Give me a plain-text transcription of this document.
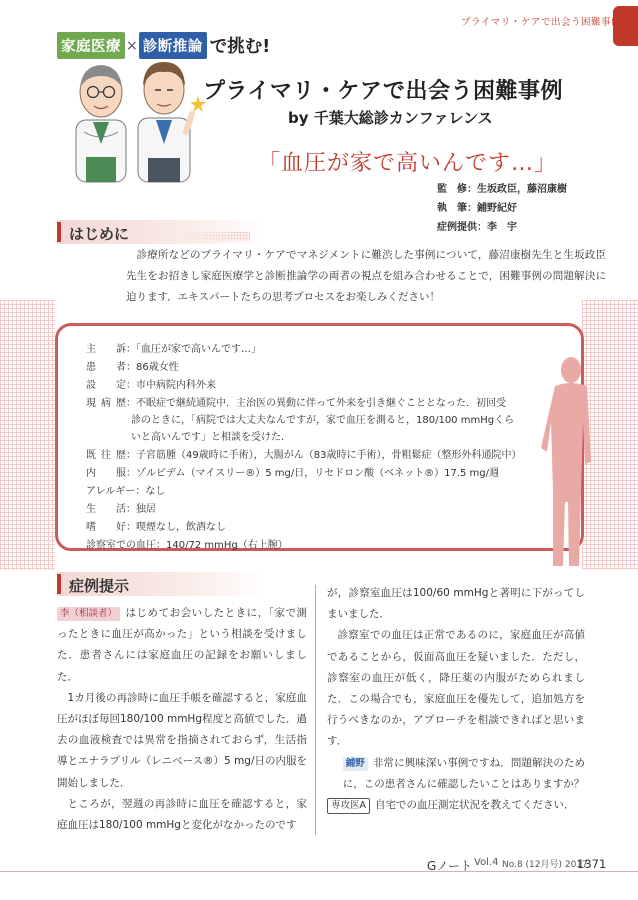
プライマリ・ケアで出会う困難事例
家庭医療 × 診断推論 で挑む!
プライマリ・ケアで出会う困難事例
by 千葉大総診カンファレンス
「血圧が家で高いんです…」
監　修：生坂政臣，藤沼康樹
執　筆：鋪野紀好
症例提供：李　宇
はじめに

診療所などのプライマリ・ケアでマネジメントに難渋した事例について，藤沼康樹先生と生坂政臣先生をお招きし家庭医療学と診断推論学の両者の視点を組み合わせることで，困難事例の問題解決に迫ります．エキスパートたちの思考プロセスをお楽しみください！

主　訴：「血圧が家で高いんです…」
患　者：86歳女性
設　定：市中病院内科外来
現病歴：不眠症で継続通院中．主治医の異動に伴って外来を引き継ぐこととなった．初回受
診のときに，「病院では大丈夫なんですが，家で血圧を測ると，180/100 mmHgくら
いと高いんです」と相談を受けた．
既往歴：子宮筋腫（49歳時に手術），大腸がん（83歳時に手術），骨粗鬆症（整形外科通院中）
内　服：ゾルピデム（マイスリー®）5 mg/日，リセドロン酸（ベネット®）17.5 mg/週
アレルギー：なし
生　活：独居
嗜　好：喫煙なし，飲酒なし
診察室での血圧：140/72 mmHg（右上腕）
症例提示

李（相談者） はじめてお会いしたときに，「家で測ったときに血圧が高かった」という相談を受けました．患者さんには家庭血圧の記録をお願いしました．

1カ月後の再診時に血圧手帳を確認すると，家庭血圧がほぼ毎回180/100 mmHg程度と高値でした．過去の血液検査では異常を指摘されておらず，生活指導とエナラプリル（レニベース®）5 mg/日の内服を開始しました．

ところが，翌週の再診時に血圧を確認すると，家庭血圧は180/100 mmHgと変化がなかったのです

が，診察室血圧は100/60 mmHgと著明に下がってしまいました．

診察室での血圧は正常であるのに，家庭血圧が高値であることから，仮面高血圧を疑いました．ただし，診察室の血圧が低く，降圧薬の内服がためられました．この場合でも，家庭血圧を優先して，追加処方を行うべきなのか，アプローチを相談できればと思います．

鋪野 非常に興味深い事例ですね．問題解決のために，この患者さんに確認したいことはありますか？

専攻医A 自宅での血圧測定状況を教えてください．

Gノート Vol.4 No.8 (12月号) 2017
1371
